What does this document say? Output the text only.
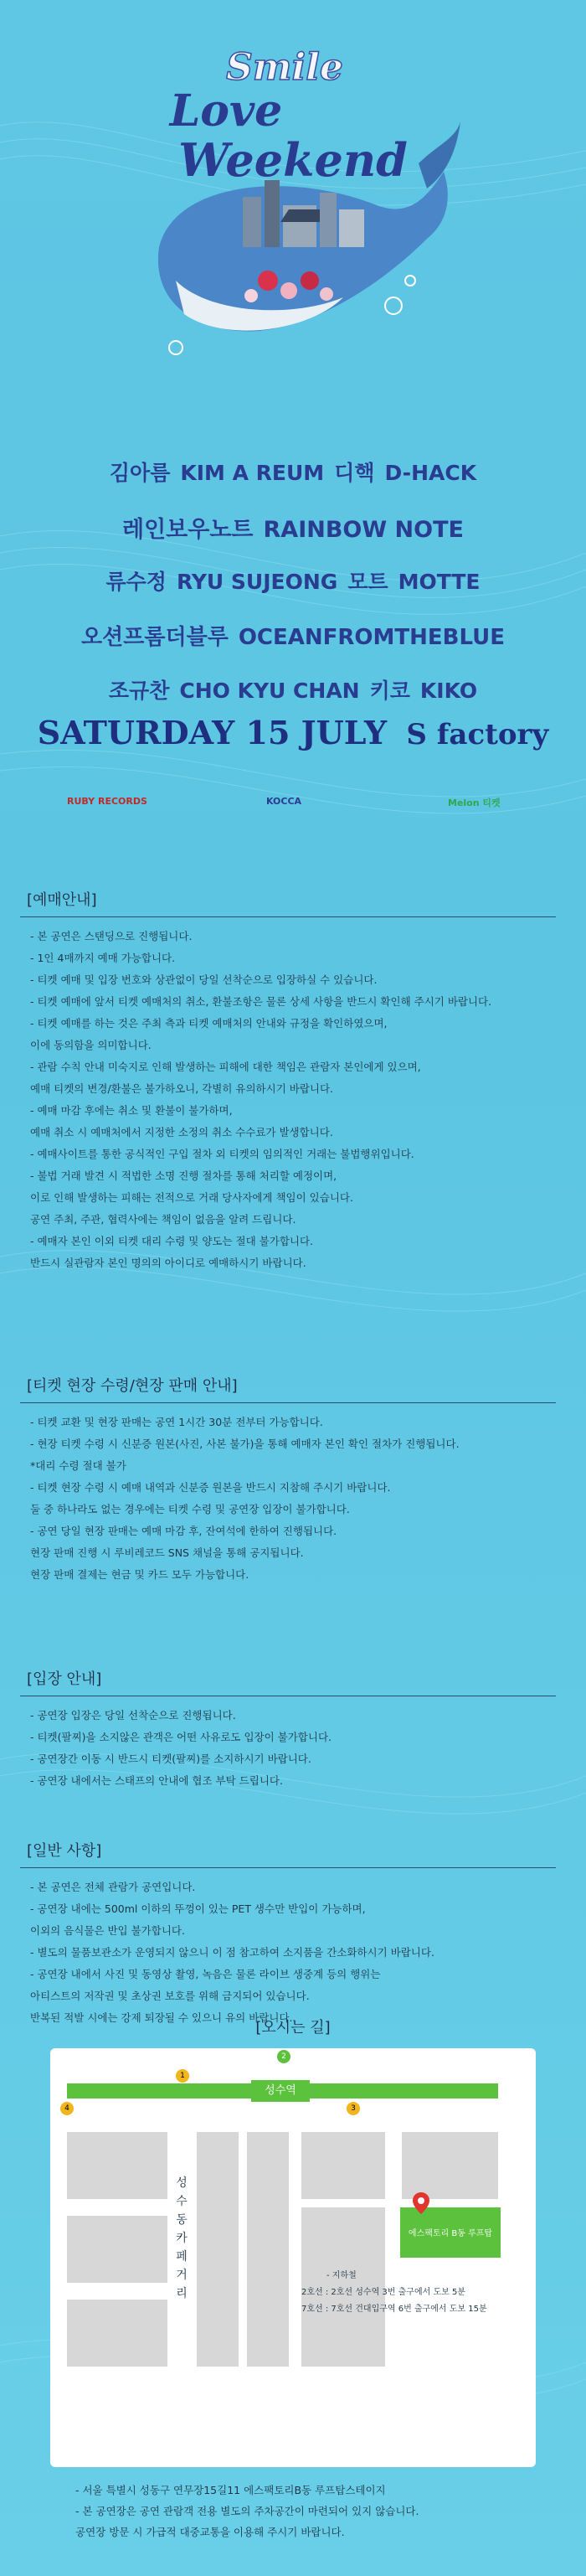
Smile
Love
Weekend
김아름 KIM A REUM 디핵 D-HACK
레인보우노트 RAINBOW NOTE
류수정 RYU SUJEONG 모트 MOTTE
오션프롬더블루 OCEANFROMTHEBLUE
조규찬 CHO KYU CHAN 키코 KIKO
SATURDAY 15 JULY S factory
RUBY RECORDS	KOCCA	Melon 티켓
[예매안내]
- 본 공연은 스탠딩으로 진행됩니다.
- 1인 4매까지 예매 가능합니다.
- 티켓 예매 및 입장 번호와 상관없이 당일 선착순으로 입장하실 수 있습니다.
- 티켓 예매에 앞서 티켓 예매처의 취소, 환불조항은 물론 상세 사항을 반드시 확인해 주시기 바랍니다.
- 티켓 예매를 하는 것은 주최 측과 티켓 예매처의 안내와 규정을 확인하였으며,
이에 동의함을 의미합니다.
- 관람 수칙 안내 미숙지로 인해 발생하는 피해에 대한 책임은 관람자 본인에게 있으며,
예매 티켓의 변경/환불은 불가하오니, 각별히 유의하시기 바랍니다.
- 예매 마감 후에는 취소 및 환불이 불가하며,
예매 취소 시 예매처에서 지정한 소정의 취소 수수료가 발생합니다.
- 예매사이트를 통한 공식적인 구입 절차 외 티켓의 임의적인 거래는 불법행위입니다.
- 불법 거래 발견 시 적법한 소명 진행 절차를 통해 처리할 예정이며,
이로 인해 발생하는 피해는 전적으로 거래 당사자에게 책임이 있습니다.
공연 주최, 주관, 협력사에는 책임이 없음을 알려 드립니다.
- 예매자 본인 이외 티켓 대리 수령 및 양도는 절대 불가합니다.
반드시 실관람자 본인 명의의 아이디로 예매하시기 바랍니다.
[티켓 현장 수령/현장 판매 안내]
- 티켓 교환 및 현장 판매는 공연 1시간 30분 전부터 가능합니다.
- 현장 티켓 수령 시 신분증 원본(사진, 사본 불가)을 통해 예매자 본인 확인 절차가 진행됩니다.
*대리 수령 절대 불가
- 티켓 현장 수령 시 예매 내역과 신분증 원본을 반드시 지참해 주시기 바랍니다.
둘 중 하나라도 없는 경우에는 티켓 수령 및 공연장 입장이 불가합니다.
- 공연 당일 현장 판매는 예매 마감 후, 잔여석에 한하여 진행됩니다.
현장 판매 진행 시 루비레코드 SNS 채널을 통해 공지됩니다.
현장 판매 결제는 현금 및 카드 모두 가능합니다.
[입장 안내]
- 공연장 입장은 당일 선착순으로 진행됩니다.
- 티켓(팔찌)을 소지않은 관객은 어떤 사유로도 입장이 불가합니다.
- 공연장간 이동 시 반드시 티켓(팔찌)를 소지하시기 바랍니다.
- 공연장 내에서는 스태프의 안내에 협조 부탁 드립니다.
[일반 사항]
- 본 공연은 전체 관람가 공연입니다.
- 공연장 내에는 500ml 이하의 뚜껑이 있는 PET 생수만 반입이 가능하며,
이외의 음식물은 반입 불가합니다.
- 별도의 물품보관소가 운영되지 않으니 이 점 참고하여 소지품을 간소화하시기 바랍니다.
- 공연장 내에서 사진 및 동영상 촬영, 녹음은 물론 라이브 생중계 등의 행위는
아티스트의 저작권 및 초상권 보호를 위해 금지되어 있습니다.
반복된 적발 시에는 강제 퇴장될 수 있으니 유의 바랍니다.
[오시는 길]
성수역
1
2
3
4
성수동카페거리
에스팩토리 B동 루프탑
- 지하철
2호선 : 2호선 성수역 3번 출구에서 도보 5분
7호선 : 7호선 건대입구역 6번 출구에서 도보 15분
- 서울 특별시 성동구 연무장15길11 에스팩토리B동 루프탑스테이지
- 본 공연장은 공연 관람객 전용 별도의 주차공간이 마련되어 있지 않습니다.
공연장 방문 시 가급적 대중교통을 이용해 주시기 바랍니다.
